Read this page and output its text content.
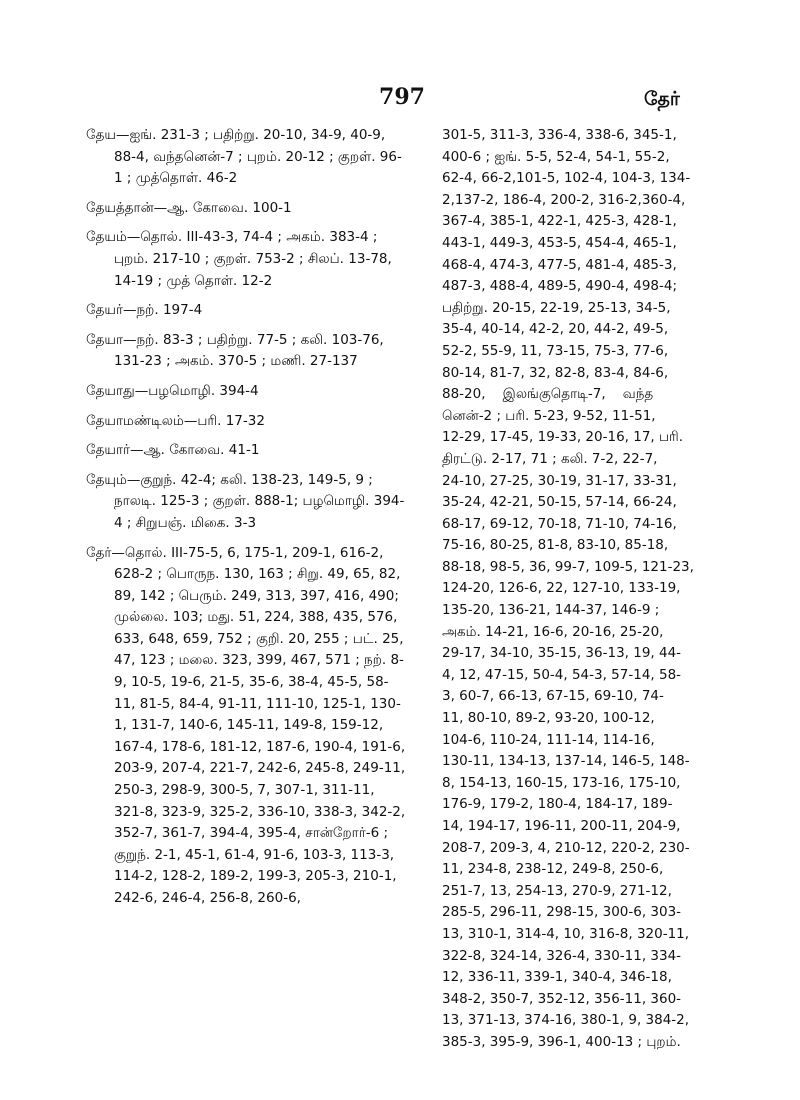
797	தேர்
தேய—ஐங். 231-3 ; பதிற்று. 20-10, 34-9, 40-9, 88-4, வந்தனென்-7 ; புறம். 20-12 ; குறள். 96-1 ; முத்தொள். 46-2
தேயத்தான்—ஆ. கோவை. 100-1
தேயம்—தொல். III-43-3, 74-4 ; அகம். 383-4 ; புறம். 217-10 ; குறள். 753-2 ; சிலப். 13-78, 14-19 ; முத் தொள். 12-2
தேயர்—நற். 197-4
தேயா—நற். 83-3 ; பதிற்று. 77-5 ; கலி. 103-76, 131-23 ; அகம். 370-5 ; மணி. 27-137
தேயாது—பழமொழி. 394-4
தேயாமண்டிலம்—பரி. 17-32
தேயார்—ஆ. கோவை. 41-1
தேயும்—குறுந். 42-4; கலி. 138-23, 149-5, 9 ; நாலடி. 125-3 ; குறள். 888-1; பழமொழி. 394-4 ; சிறுபஞ். மிகை. 3-3
தேர்—தொல். III-75-5, 6, 175-1, 209-1, 616-2, 628-2 ; பொருந. 130, 163 ; சிறு. 49, 65, 82, 89, 142 ; பெரும். 249, 313, 397, 416, 490; முல்லை. 103; மது. 51, 224, 388, 435, 576, 633, 648, 659, 752 ; குறி. 20, 255 ; பட். 25, 47, 123 ; மலை. 323, 399, 467, 571 ; நற். 8-9, 10-5, 19-6, 21-5, 35-6, 38-4, 45-5, 58-11, 81-5, 84-4, 91-11, 111-10, 125-1, 130-1, 131-7, 140-6, 145-11, 149-8, 159-12, 167-4, 178-6, 181-12, 187-6, 190-4, 191-6, 203-9, 207-4, 221-7, 242-6, 245-8, 249-11, 250-3, 298-9, 300-5, 7, 307-1, 311-11, 321-8, 323-9, 325-2, 336-10, 338-3, 342-2, 352-7, 361-7, 394-4, 395-4, சான்றோர்-6 ; குறுந். 2-1, 45-1, 61-4, 91-6, 103-3, 113-3, 114-2, 128-2, 189-2, 199-3, 205-3, 210-1, 242-6, 246-4, 256-8, 260-6,
301-5, 311-3, 336-4, 338-6, 345-1,
400-6 ; ஐங். 5-5, 52-4, 54-1, 55-2,
62-4, 66-2,101-5, 102-4, 104-3, 134-
2,137-2, 186-4, 200-2, 316-2,360-4,
367-4, 385-1, 422-1, 425-3, 428-1,
443-1, 449-3, 453-5, 454-4, 465-1,
468-4, 474-3, 477-5, 481-4, 485-3,
487-3, 488-4, 489-5, 490-4, 498-4;
பதிற்று. 20-15, 22-19, 25-13, 34-5,
35-4, 40-14, 42-2, 20, 44-2, 49-5,
52-2, 55-9, 11, 73-15, 75-3, 77-6,
80-14, 81-7, 32, 82-8, 83-4, 84-6,
88-20,    இலங்குதொடி-7,    வந்த
னென்-2 ; பரி. 5-23, 9-52, 11-51,
12-29, 17-45, 19-33, 20-16, 17, பரி.
திரட்டு. 2-17, 71 ; கலி. 7-2, 22-7,
24-10, 27-25, 30-19, 31-17, 33-31,
35-24, 42-21, 50-15, 57-14, 66-24,
68-17, 69-12, 70-18, 71-10, 74-16,
75-16, 80-25, 81-8, 83-10, 85-18,
88-18, 98-5, 36, 99-7, 109-5, 121-23,
124-20, 126-6, 22, 127-10, 133-19,
135-20, 136-21, 144-37, 146-9 ;
அகம். 14-21, 16-6, 20-16, 25-20,
29-17, 34-10, 35-15, 36-13, 19, 44-
4, 12, 47-15, 50-4, 54-3, 57-14, 58-
3, 60-7, 66-13, 67-15, 69-10, 74-
11, 80-10, 89-2, 93-20, 100-12,
104-6, 110-24, 111-14, 114-16,
130-11, 134-13, 137-14, 146-5, 148-
8, 154-13, 160-15, 173-16, 175-10,
176-9, 179-2, 180-4, 184-17, 189-
14, 194-17, 196-11, 200-11, 204-9,
208-7, 209-3, 4, 210-12, 220-2, 230-
11, 234-8, 238-12, 249-8, 250-6,
251-7, 13, 254-13, 270-9, 271-12,
285-5, 296-11, 298-15, 300-6, 303-
13, 310-1, 314-4, 10, 316-8, 320-11,
322-8, 324-14, 326-4, 330-11, 334-
12, 336-11, 339-1, 340-4, 346-18,
348-2, 350-7, 352-12, 356-11, 360-
13, 371-13, 374-16, 380-1, 9, 384-2,
385-3, 395-9, 396-1, 400-13 ; புறம்.
